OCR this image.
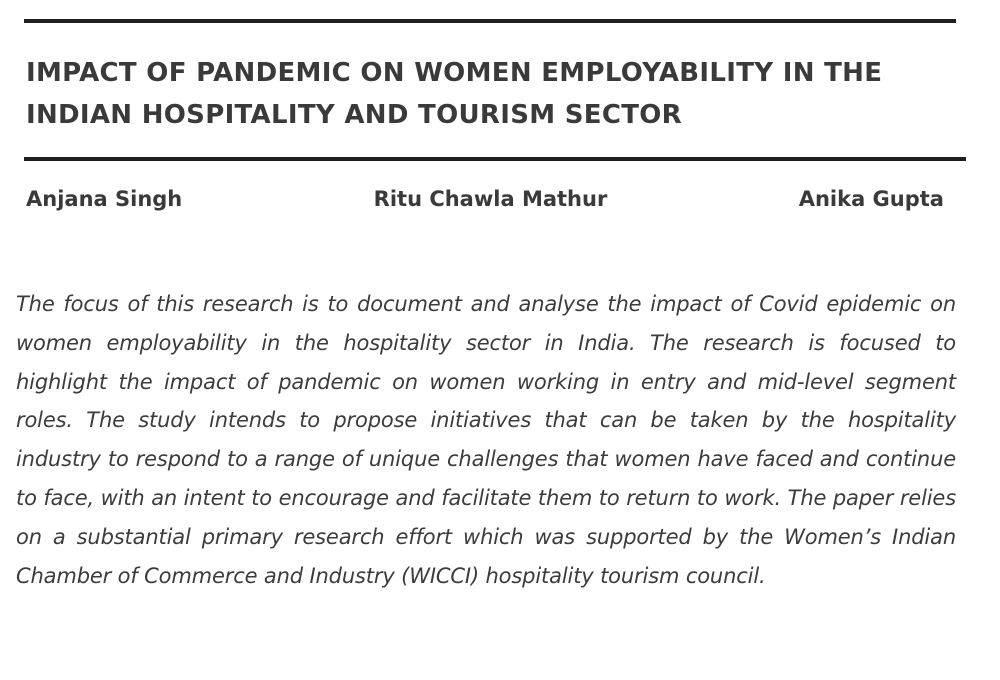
IMPACT OF PANDEMIC ON WOMEN EMPLOYABILITY IN THE INDIAN HOSPITALITY AND TOURISM SECTOR
Anjana Singh	Ritu Chawla Mathur	Anika Gupta

The focus of this research is to document and analyse the impact of Covid epidemic on women employability in the hospitality sector in India. The research is focused to highlight the impact of pandemic on women working in entry and mid-level segment roles. The study intends to propose initiatives that can be taken by the hospitality industry to respond to a range of unique challenges that women have faced and continue to face, with an intent to encourage and facilitate them to return to work. The paper relies on a substantial primary research effort which was supported by the Women’s Indian Chamber of Commerce and Industry (WICCI) hospitality tourism council.
